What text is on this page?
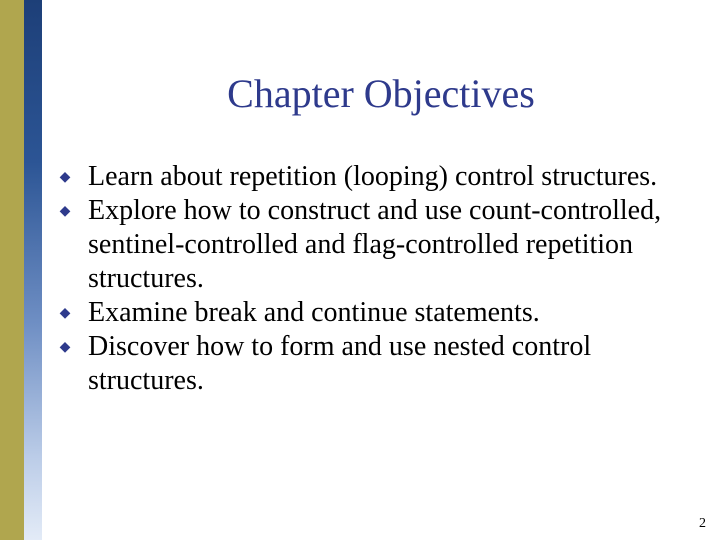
Chapter Objectives
◆ Learn about repetition (looping) control structures.
◆ Explore how to construct and use count-controlled, sentinel-controlled and flag-controlled repetition structures.
◆ Examine break and continue statements.
◆ Discover how to form and use nested control structures.
2
